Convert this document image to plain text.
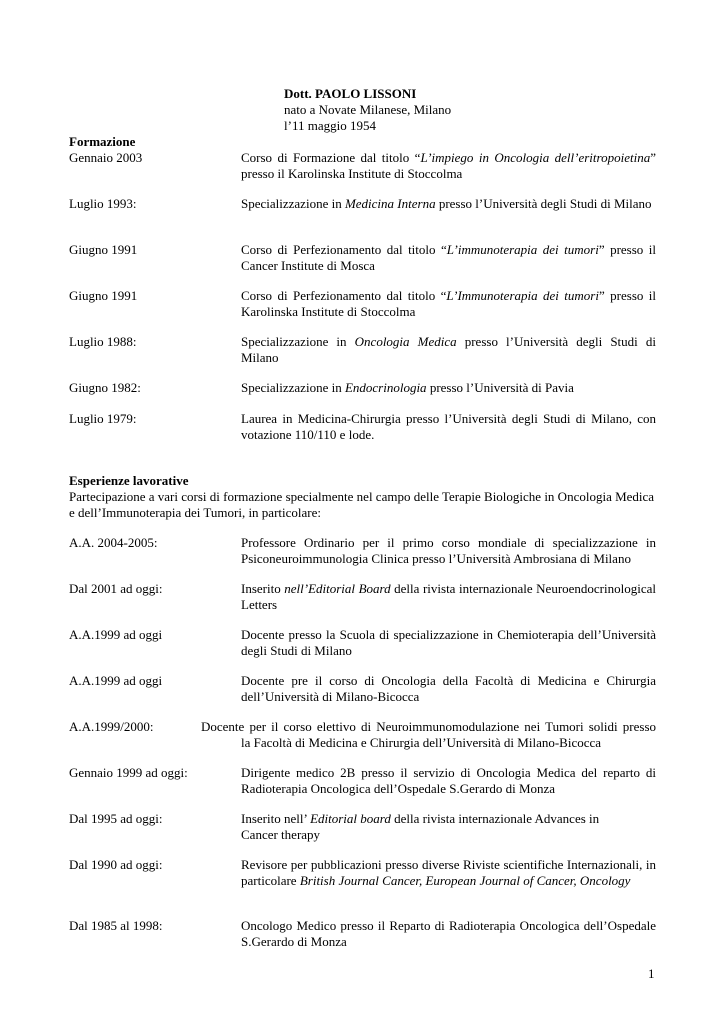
Dott. PAOLO LISSONI
nato a Novate Milanese, Milano
l’11 maggio 1954
Formazione
Gennaio 2003	Corso di Formazione dal titolo “L’impiego in Oncologia dell’eritropoietina” presso il Karolinska Institute di Stoccolma
Luglio 1993:	Specializzazione in Medicina Interna presso l’Università degli Studi di Milano
Giugno 1991	Corso di Perfezionamento dal titolo “L’immunoterapia dei tumori” presso il Cancer Institute di Mosca
Giugno 1991	Corso di Perfezionamento dal titolo “L’Immunoterapia dei tumori” presso il Karolinska Institute di Stoccolma
Luglio 1988:	Specializzazione in Oncologia Medica presso l’Università degli Studi di Milano
Giugno 1982:	Specializzazione in Endocrinologia presso l’Università di Pavia
Luglio 1979:	Laurea in Medicina-Chirurgia presso l’Università degli Studi di Milano, con votazione 110/110 e lode.
Esperienze lavorative
Partecipazione a vari corsi di formazione specialmente nel campo delle Terapie Biologiche in Oncologia Medica e dell’Immunoterapia dei Tumori, in particolare:
A.A. 2004-2005:	Professore Ordinario per il primo corso mondiale di specializzazione in Psiconeuroimmunologia Clinica presso l’Università Ambrosiana di Milano
Dal 2001 ad oggi:	Inserito nell’Editorial Board della rivista internazionale Neuroendocrinological Letters
A.A.1999 ad oggi	Docente presso la Scuola di specializzazione in Chemioterapia dell’Università degli Studi di Milano
A.A.1999 ad oggi	Docente pre il corso di Oncologia della Facoltà di Medicina e Chirurgia dell’Università di Milano-Bicocca
A.A.1999/2000:	Docente per il corso elettivo di Neuroimmunomodulazione nei Tumori solidi presso
la Facoltà di Medicina e Chirurgia dell’Università di Milano-Bicocca
Gennaio 1999 ad oggi:	Dirigente medico 2B presso il servizio di Oncologia Medica del reparto di Radioterapia Oncologica dell’Ospedale S.Gerardo di Monza
Dal 1995 ad oggi:	Inserito nell’ Editorial board della rivista internazionale Advances in Cancer therapy
Dal 1990 ad oggi:	Revisore per pubblicazioni presso diverse Riviste scientifiche Internazionali, in particolare British Journal Cancer, European Journal of Cancer, Oncology
Dal 1985 al 1998:	Oncologo Medico presso il Reparto di Radioterapia Oncologica dell’Ospedale S.Gerardo di Monza
1
